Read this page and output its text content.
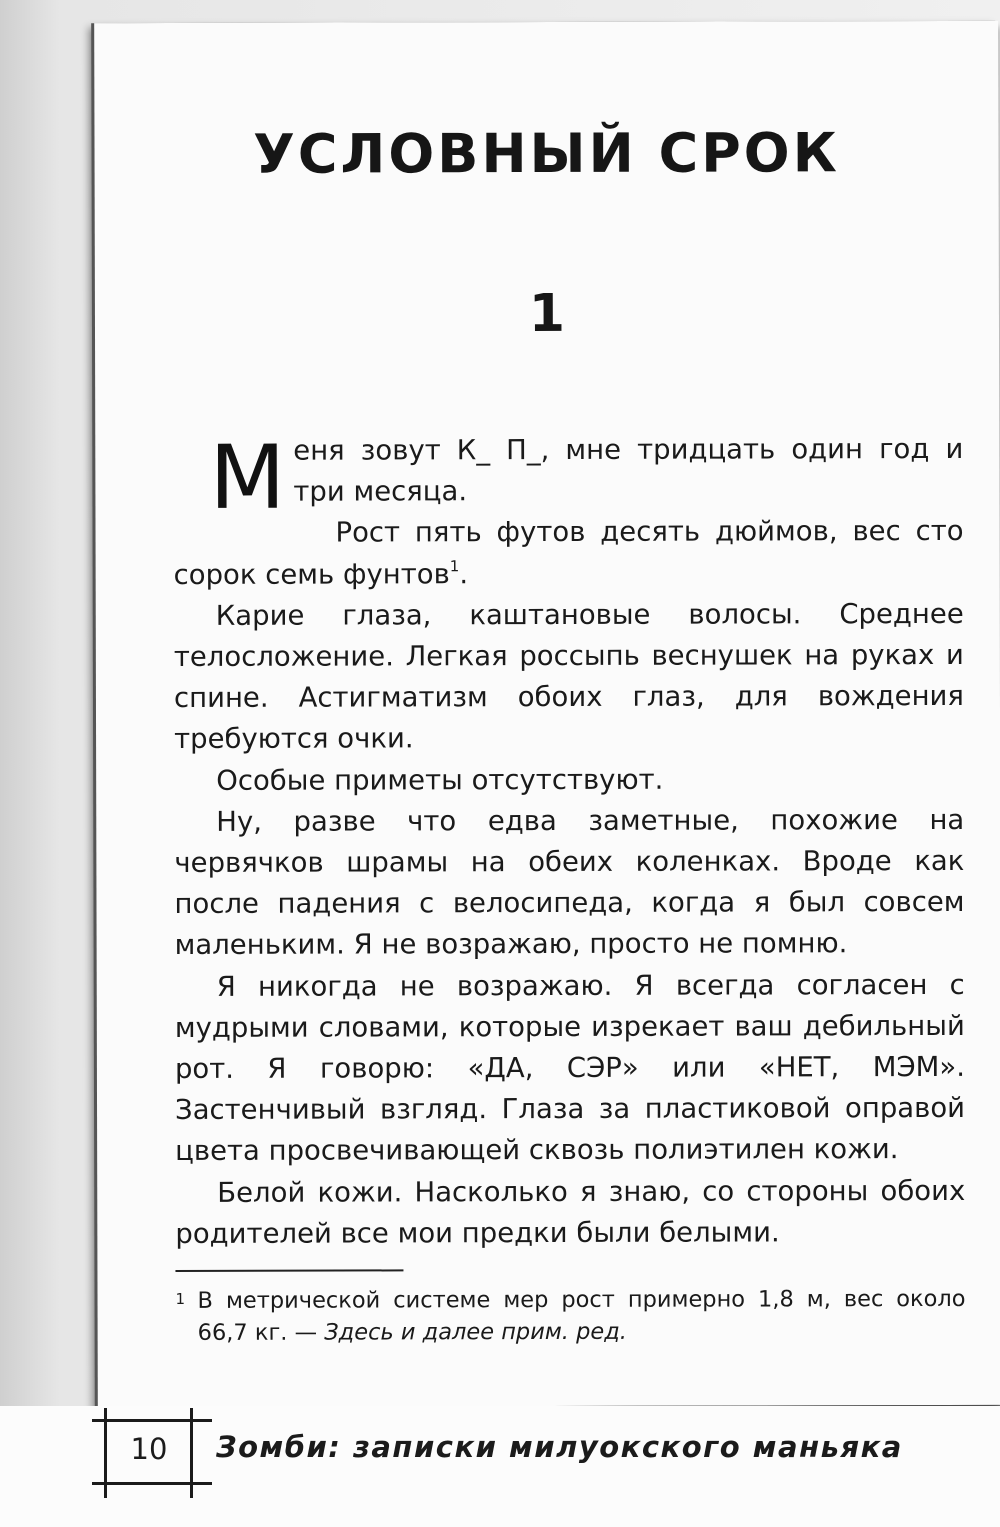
УСЛОВНЫЙ СРОК
1

Меня зовут К_ П_, мне тридцать один год и три месяца.

Рост пять футов десять дюймов, вес сто сорок семь фунтов$^1$.

Карие глаза, каштановые волосы. Среднее телосложение. Легкая россыпь веснушек на руках и спине. Астигматизм обоих глаз, для вождения требуются очки.

Особые приметы отсутствуют.

Ну, разве что едва заметные, похожие на червячков шрамы на обеих коленках. Вроде как после падения с велосипеда, когда я был совсем маленьким. Я не возражаю, просто не помню.

Я никогда не возражаю. Я всегда согласен с мудрыми словами, которые изрекает ваш дебильный рот. Я говорю: «ДА, СЭР» или «НЕТ, МЭМ». Застенчивый взгляд. Глаза за пластиковой оправой цвета просвечивающей сквозь полиэтилен кожи.

Белой кожи. Насколько я знаю, со стороны обоих родителей все мои предки были белыми.

1 В метрической системе мер рост примерно 1,8 м, вес около 66,7 кг. — Здесь и далее прим. ред.
10	Зомби: записки милуокского маньяка
